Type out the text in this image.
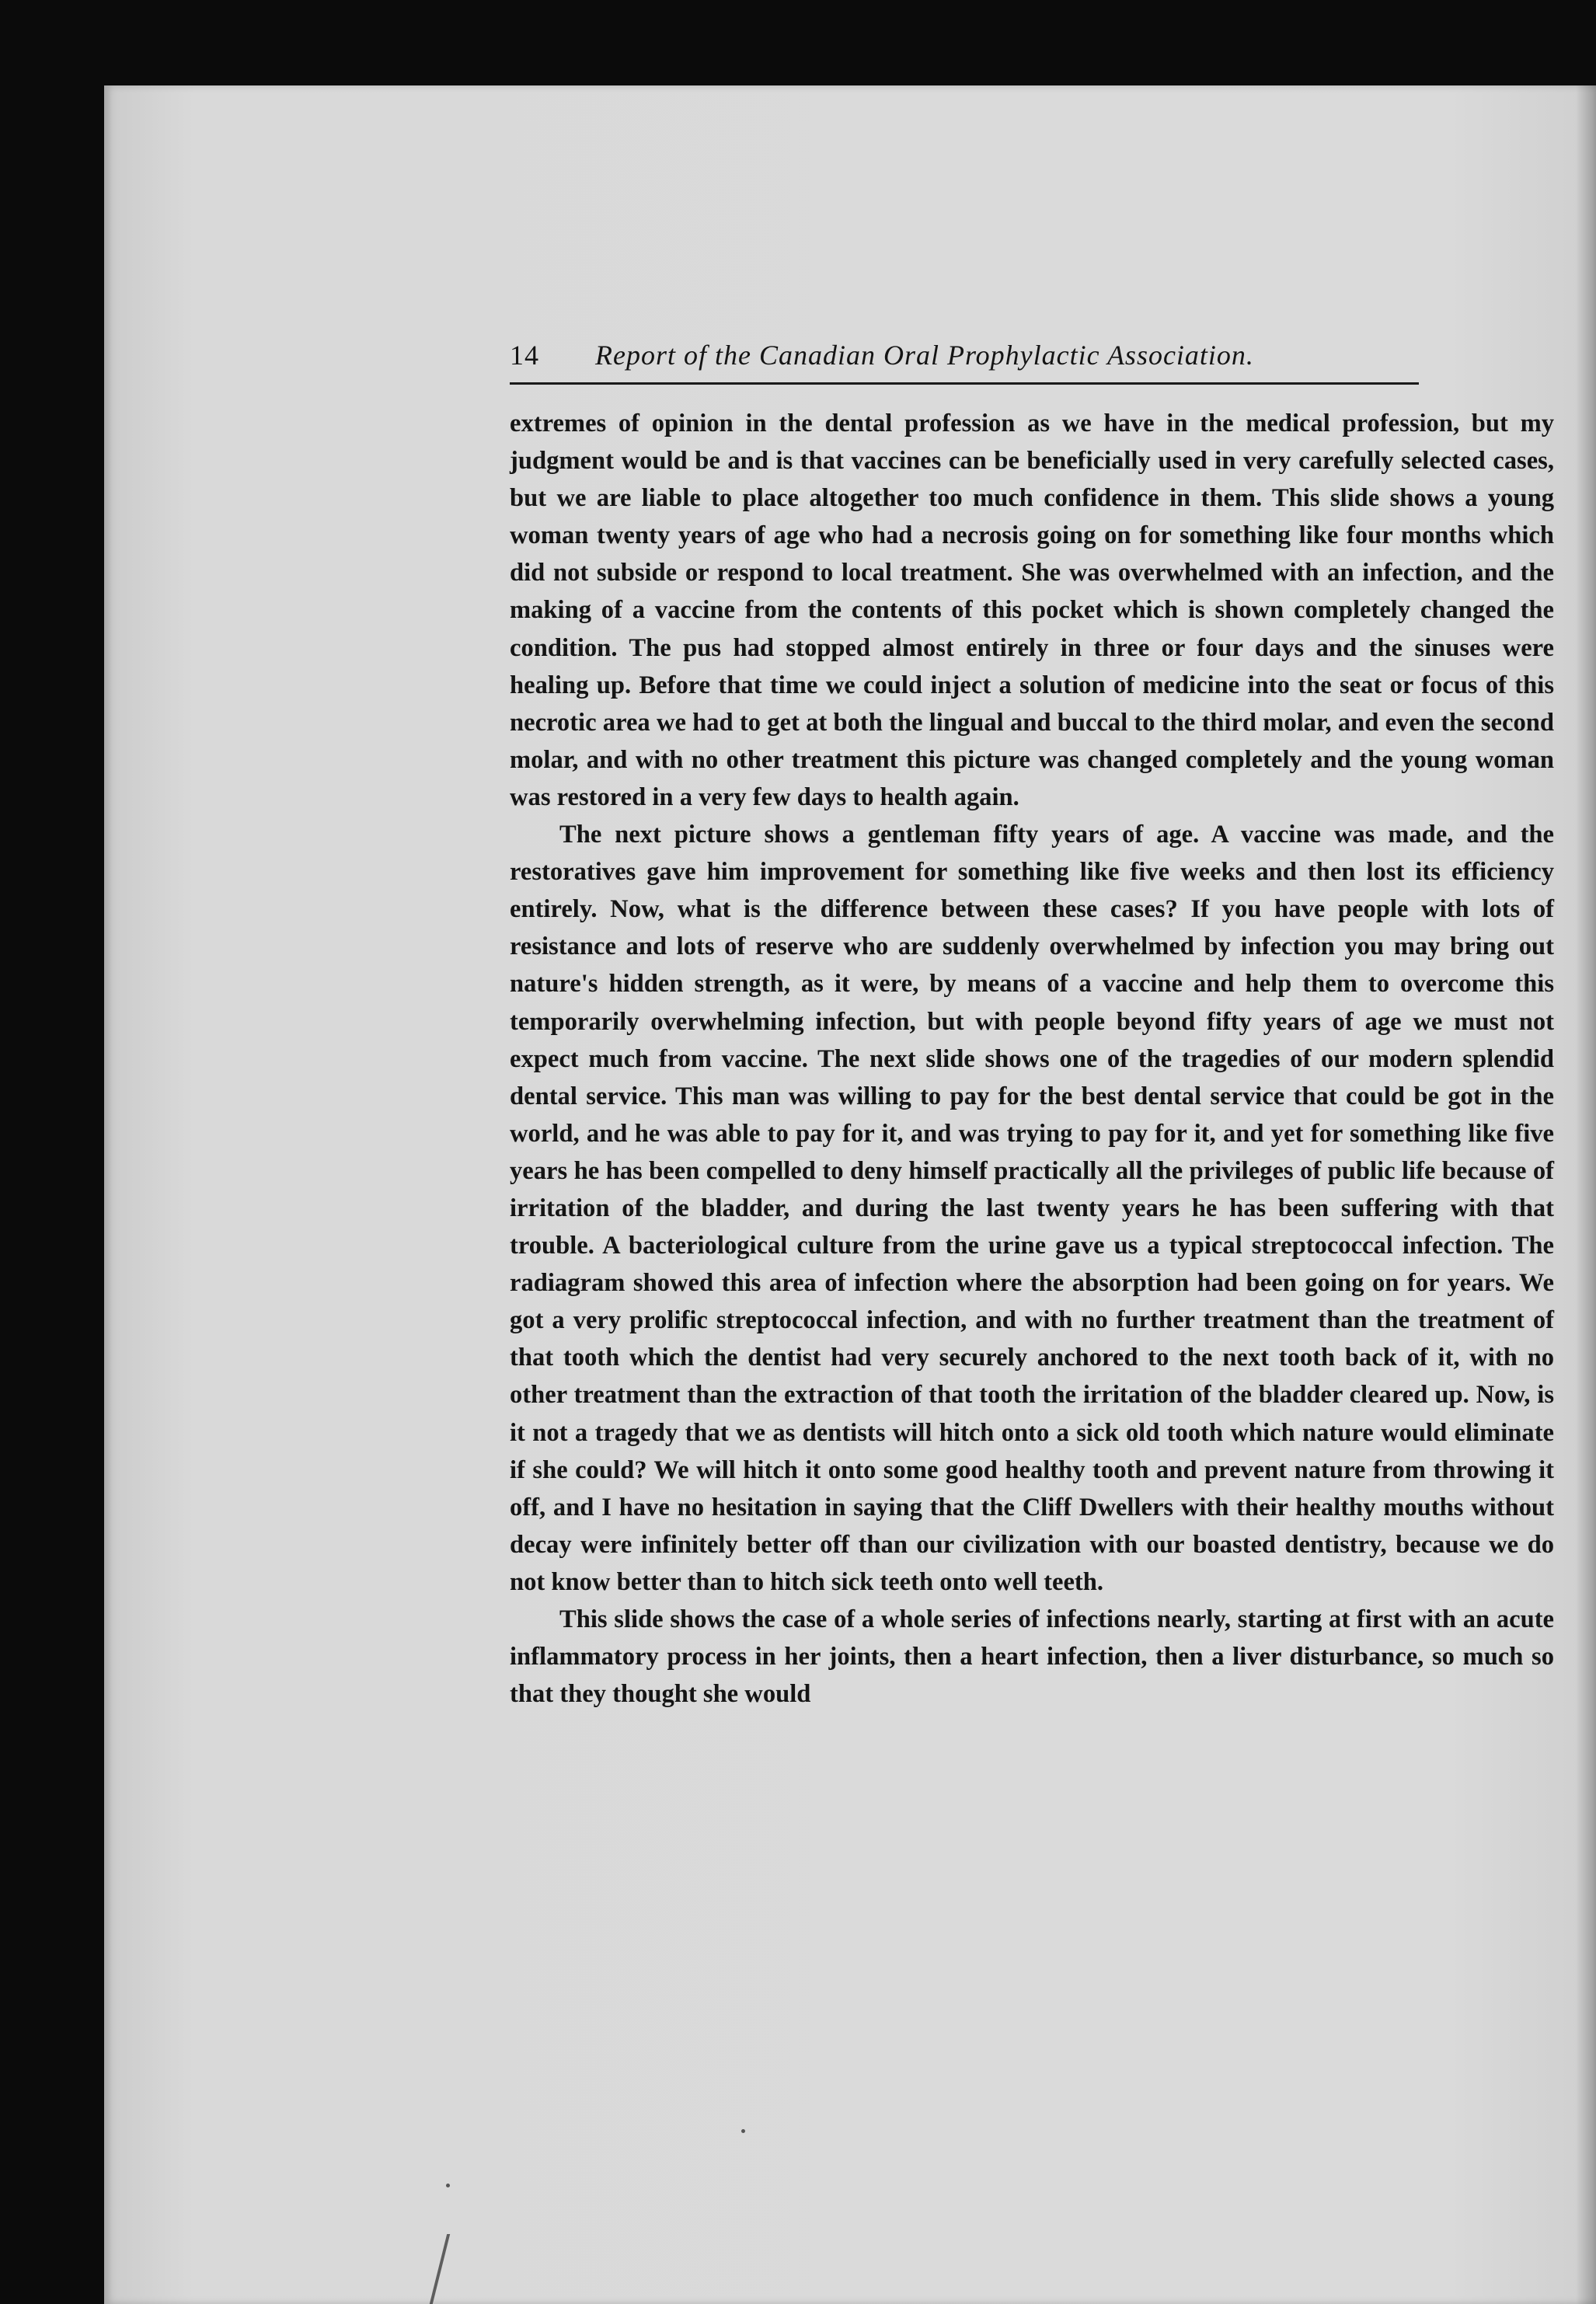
14 Report of the Canadian Oral Prophylactic Association.

extremes of opinion in the dental profession as we have in the medical profession, but my judgment would be and is that vaccines can be beneficially used in very carefully selected cases, but we are liable to place altogether too much confidence in them. This slide shows a young woman twenty years of age who had a necrosis going on for something like four months which did not subside or respond to local treatment. She was overwhelmed with an infection, and the making of a vaccine from the contents of this pocket which is shown completely changed the condition. The pus had stopped almost entirely in three or four days and the sinuses were healing up. Before that time we could inject a solution of medicine into the seat or focus of this necrotic area we had to get at both the lingual and buccal to the third molar, and even the second molar, and with no other treatment this picture was changed completely and the young woman was restored in a very few days to health again.

The next picture shows a gentleman fifty years of age. A vaccine was made, and the restoratives gave him improvement for something like five weeks and then lost its efficiency entirely. Now, what is the difference between these cases? If you have people with lots of resistance and lots of reserve who are suddenly overwhelmed by infection you may bring out nature's hidden strength, as it were, by means of a vaccine and help them to overcome this temporarily overwhelming infection, but with people beyond fifty years of age we must not expect much from vaccine. The next slide shows one of the tragedies of our modern splendid dental service. This man was willing to pay for the best dental service that could be got in the world, and he was able to pay for it, and was trying to pay for it, and yet for something like five years he has been compelled to deny himself practically all the privileges of public life because of irritation of the bladder, and during the last twenty years he has been suffering with that trouble. A bacteriological culture from the urine gave us a typical streptococcal infection. The radiagram showed this area of infection where the absorption had been going on for years. We got a very prolific streptococcal infection, and with no further treatment than the treatment of that tooth which the dentist had very securely anchored to the next tooth back of it, with no other treatment than the extraction of that tooth the irritation of the bladder cleared up. Now, is it not a tragedy that we as dentists will hitch onto a sick old tooth which nature would eliminate if she could? We will hitch it onto some good healthy tooth and prevent nature from throwing it off, and I have no hesitation in saying that the Cliff Dwellers with their healthy mouths without decay were infinitely better off than our civilization with our boasted dentistry, because we do not know better than to hitch sick teeth onto well teeth.

This slide shows the case of a whole series of infections nearly, starting at first with an acute inflammatory process in her joints, then a heart infection, then a liver disturbance, so much so that they thought she would
